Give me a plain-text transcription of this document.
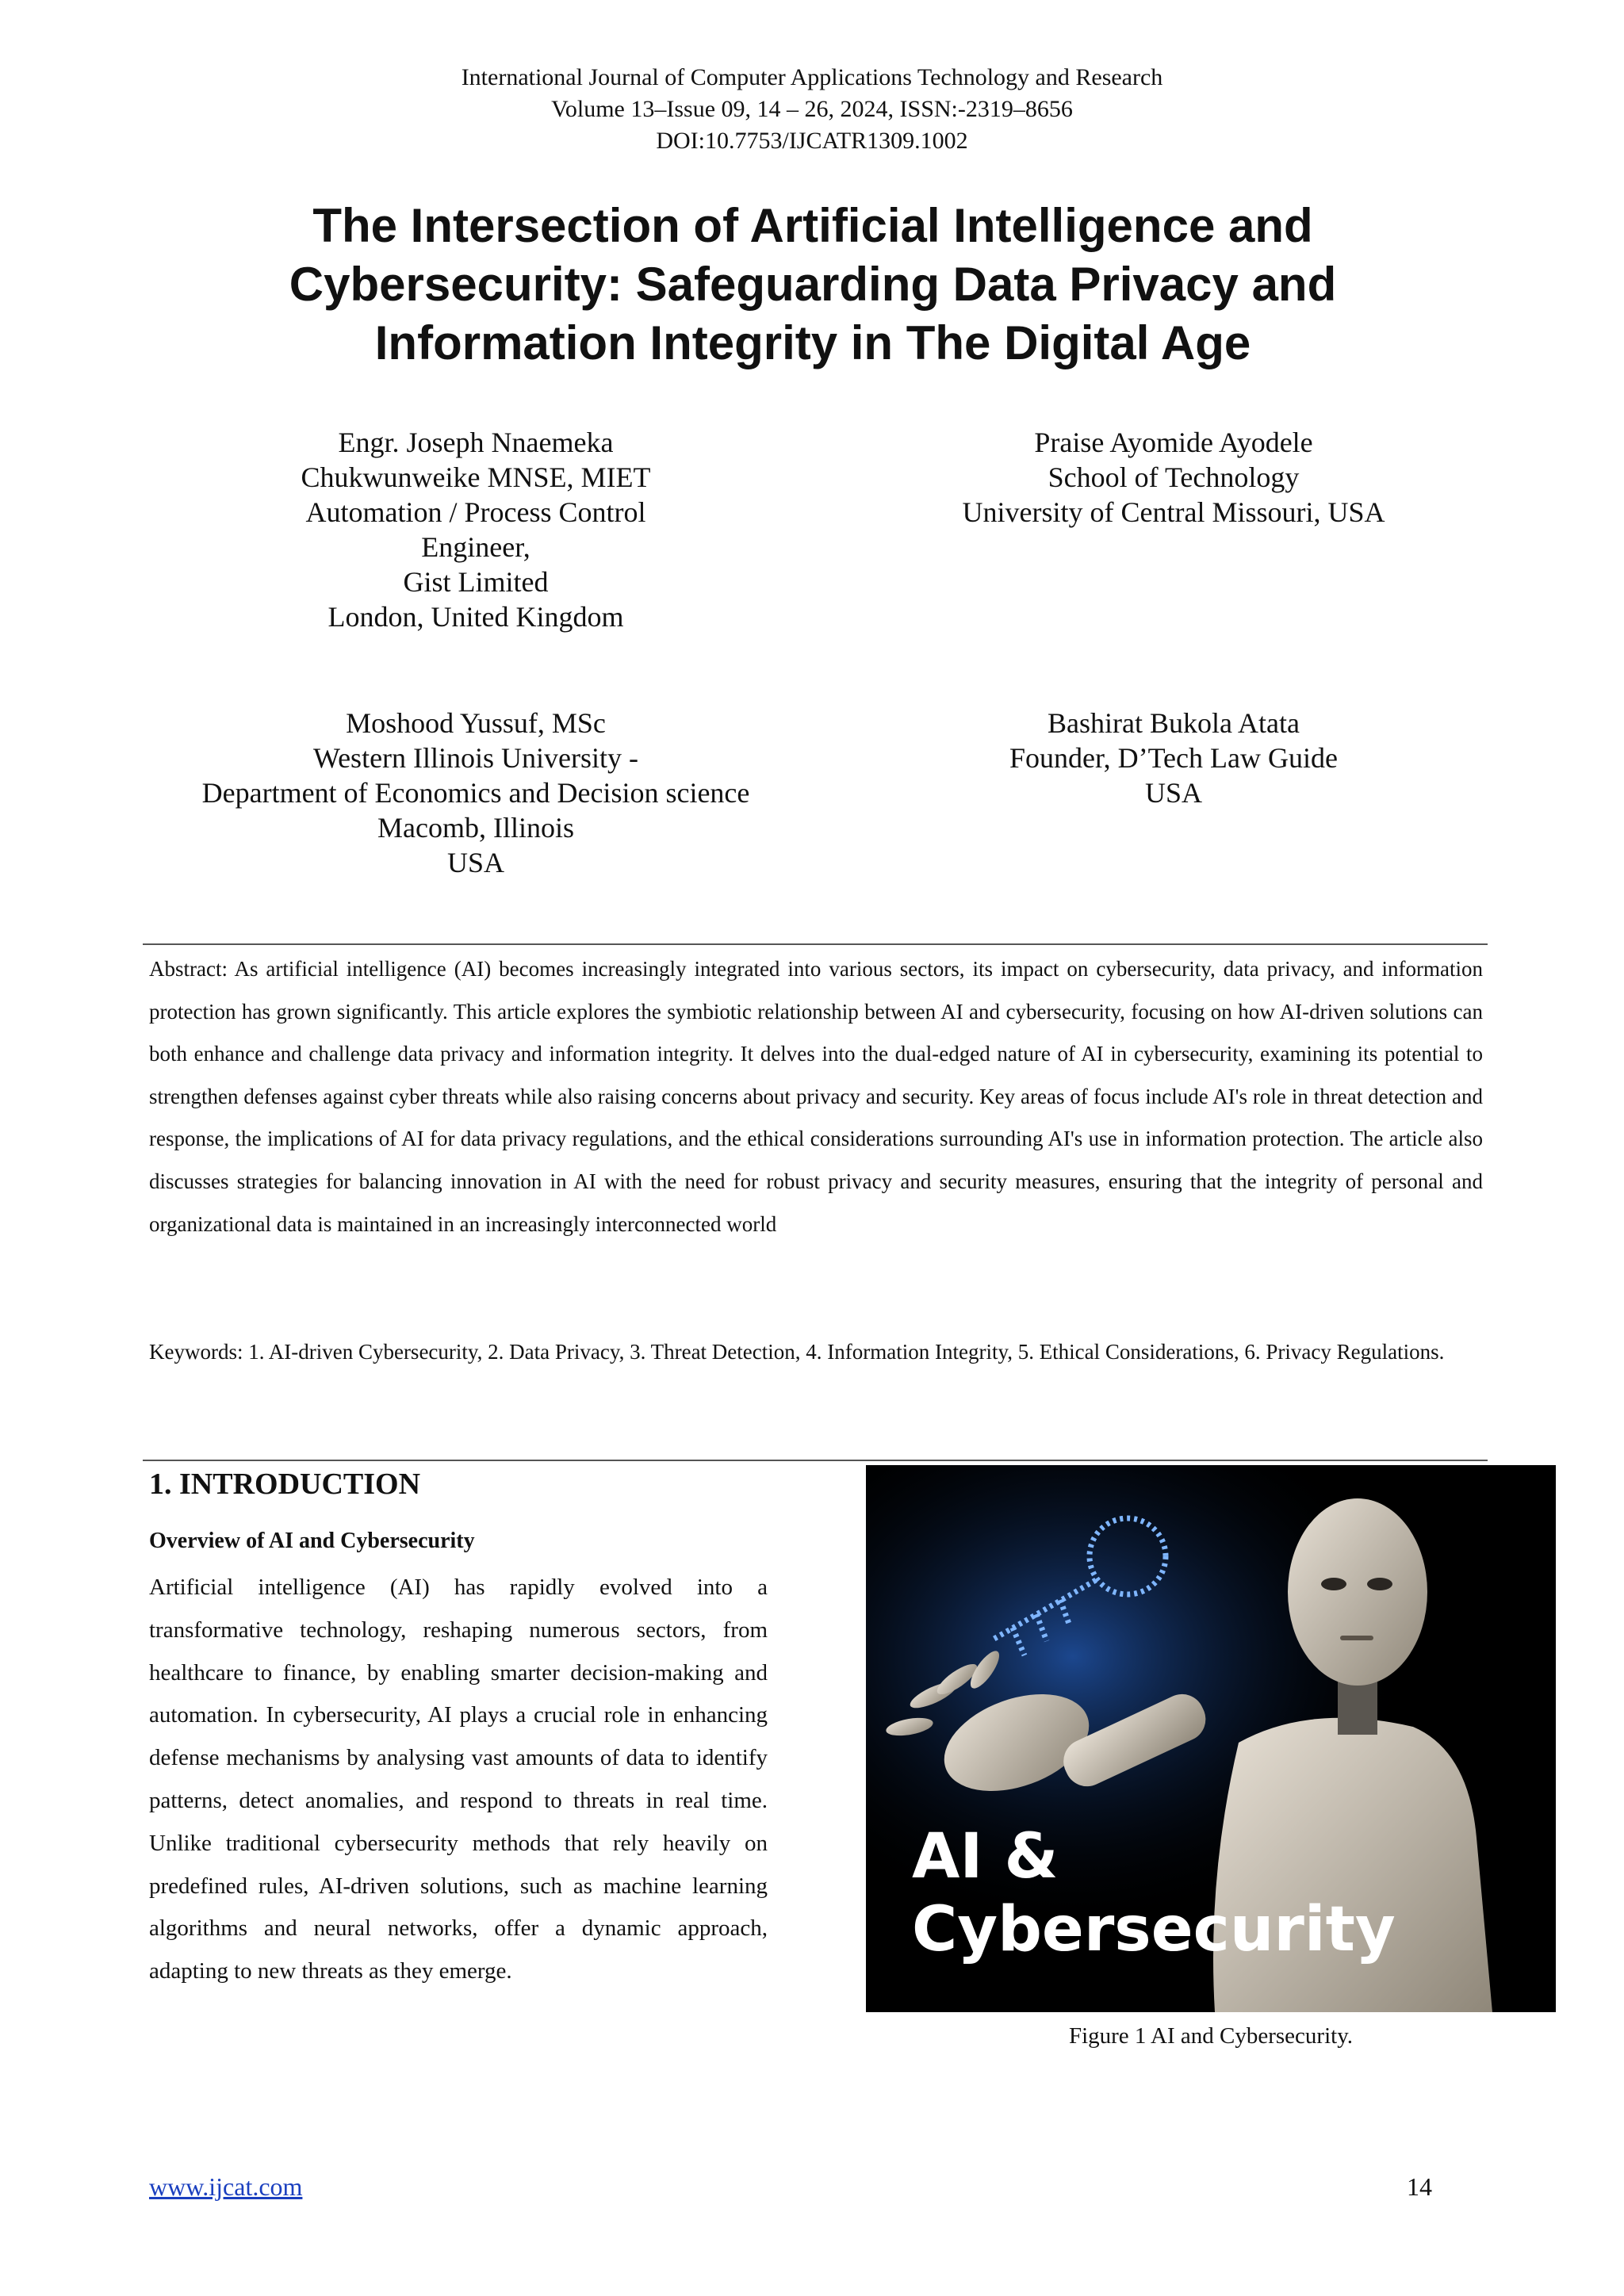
International Journal of Computer Applications Technology and Research
Volume 13–Issue 09, 14 – 26, 2024, ISSN:-2319–8656
DOI:10.7753/IJCATR1309.1002
The Intersection of Artificial Intelligence and Cybersecurity: Safeguarding Data Privacy and Information Integrity in The Digital Age
Engr. Joseph Nnaemeka
Chukwunweike MNSE, MIET
Automation / Process Control
Engineer,
Gist Limited
London, United Kingdom
Praise Ayomide Ayodele
School of Technology
University of Central Missouri, USA
Moshood Yussuf, MSc
Western Illinois University -
Department of Economics and Decision science
Macomb, Illinois
USA
Bashirat Bukola Atata
Founder, D’Tech Law Guide
USA
Abstract: As artificial intelligence (AI) becomes increasingly integrated into various sectors, its impact on cybersecurity, data privacy, and information protection has grown significantly. This article explores the symbiotic relationship between AI and cybersecurity, focusing on how AI-driven solutions can both enhance and challenge data privacy and information integrity. It delves into the dual-edged nature of AI in cybersecurity, examining its potential to strengthen defenses against cyber threats while also raising concerns about privacy and security. Key areas of focus include AI's role in threat detection and response, the implications of AI for data privacy regulations, and the ethical considerations surrounding AI's use in information protection. The article also discusses strategies for balancing innovation in AI with the need for robust privacy and security measures, ensuring that the integrity of personal and organizational data is maintained in an increasingly interconnected world
Keywords: 1. AI-driven Cybersecurity, 2. Data Privacy, 3. Threat Detection, 4. Information Integrity, 5. Ethical Considerations, 6. Privacy Regulations.
1. INTRODUCTION
Overview of AI and Cybersecurity
Artificial intelligence (AI) has rapidly evolved into a transformative technology, reshaping numerous sectors, from healthcare to finance, by enabling smarter decision-making and automation. In cybersecurity, AI plays a crucial role in enhancing defense mechanisms by analysing vast amounts of data to identify patterns, detect anomalies, and respond to threats in real time. Unlike traditional cybersecurity methods that rely heavily on predefined rules, AI-driven solutions, such as machine learning algorithms and neural networks, offer a dynamic approach, adapting to new threats as they emerge.
AI &
Cybersecurity
Figure 1 AI and Cybersecurity.
www.ijcat.com	14
